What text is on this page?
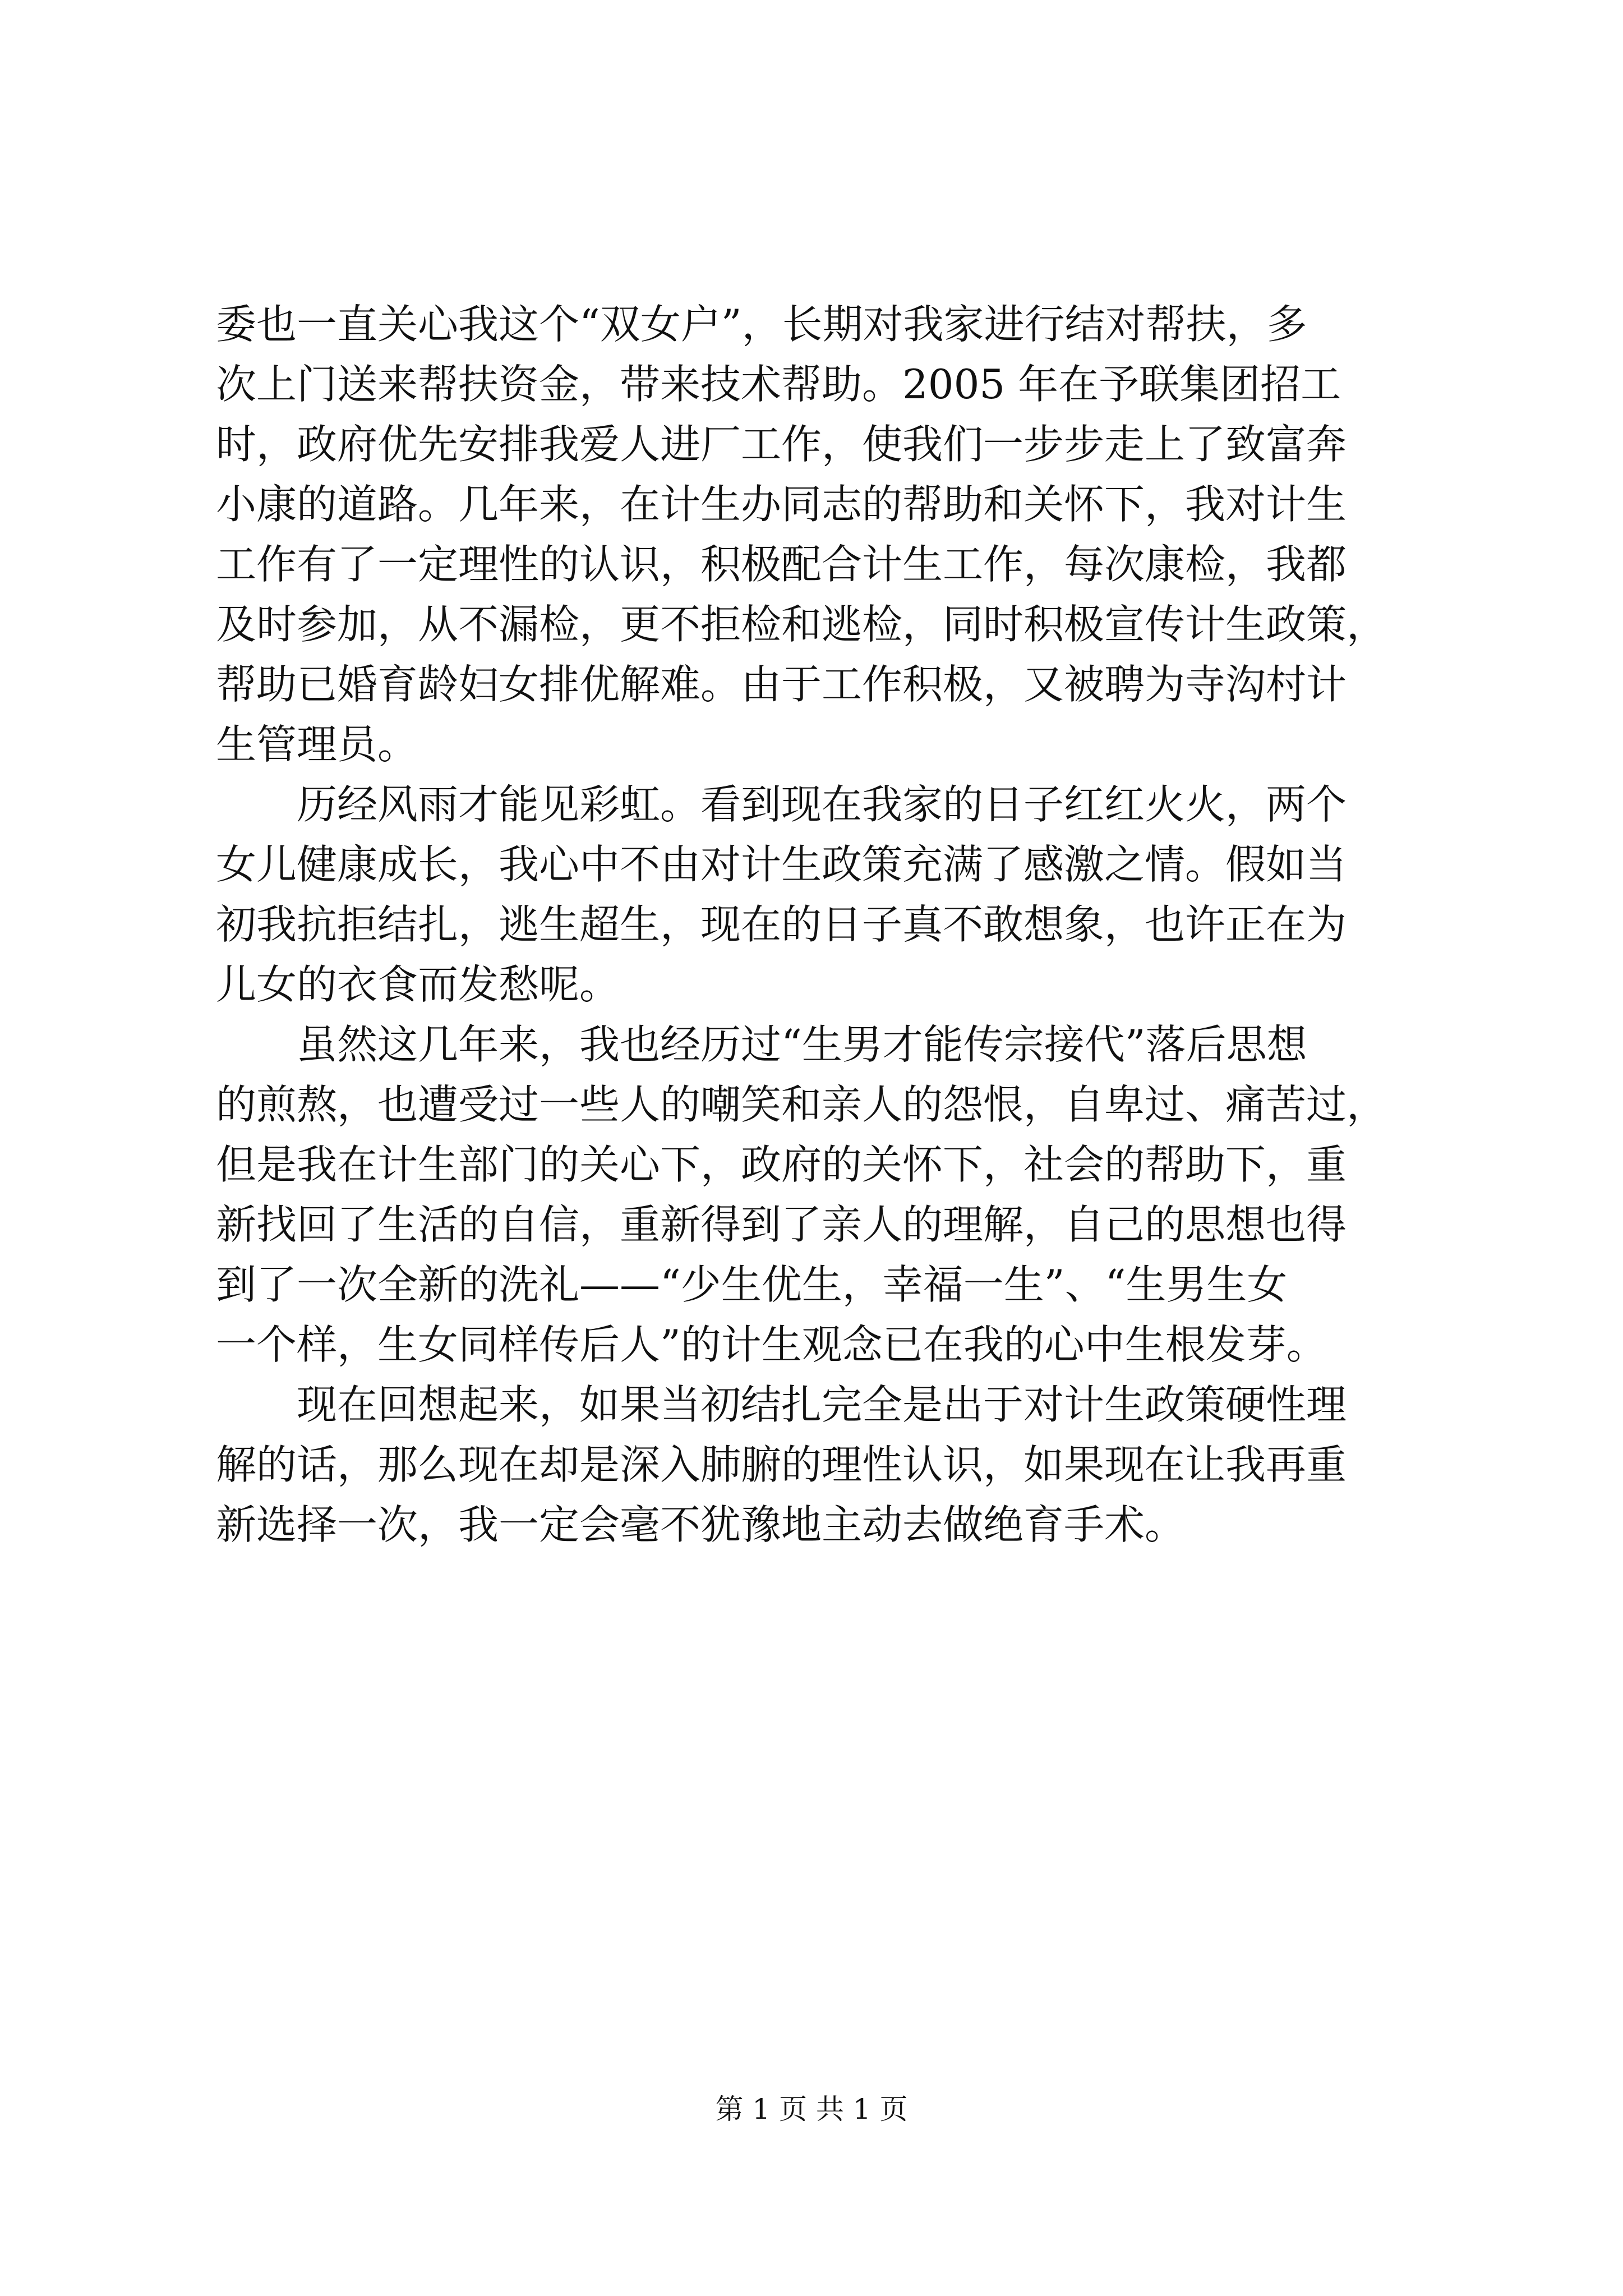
委也一直关心我这个“双女户”，长期对我家进行结对帮扶，多
次上门送来帮扶资金，带来技术帮助。2005 年在予联集团招工
时，政府优先安排我爱人进厂工作，使我们一步步走上了致富奔
小康的道路。几年来，在计生办同志的帮助和关怀下，我对计生
工作有了一定理性的认识，积极配合计生工作，每次康检，我都
及时参加，从不漏检，更不拒检和逃检，同时积极宣传计生政策，
帮助已婚育龄妇女排优解难。由于工作积极，又被聘为寺沟村计
生管理员。
　　历经风雨才能见彩虹。看到现在我家的日子红红火火，两个
女儿健康成长，我心中不由对计生政策充满了感激之情。假如当
初我抗拒结扎，逃生超生，现在的日子真不敢想象，也许正在为
儿女的衣食而发愁呢。
　　虽然这几年来，我也经历过“生男才能传宗接代”落后思想
的煎熬，也遭受过一些人的嘲笑和亲人的怨恨，自卑过、痛苦过，
但是我在计生部门的关心下，政府的关怀下，社会的帮助下，重
新找回了生活的自信，重新得到了亲人的理解，自己的思想也得
到了一次全新的洗礼——“少生优生，幸福一生”、“生男生女
一个样，生女同样传后人”的计生观念已在我的心中生根发芽。
　　现在回想起来，如果当初结扎完全是出于对计生政策硬性理
解的话，那么现在却是深入肺腑的理性认识，如果现在让我再重
新选择一次，我一定会毫不犹豫地主动去做绝育手术。
第 1 页 共 1 页
